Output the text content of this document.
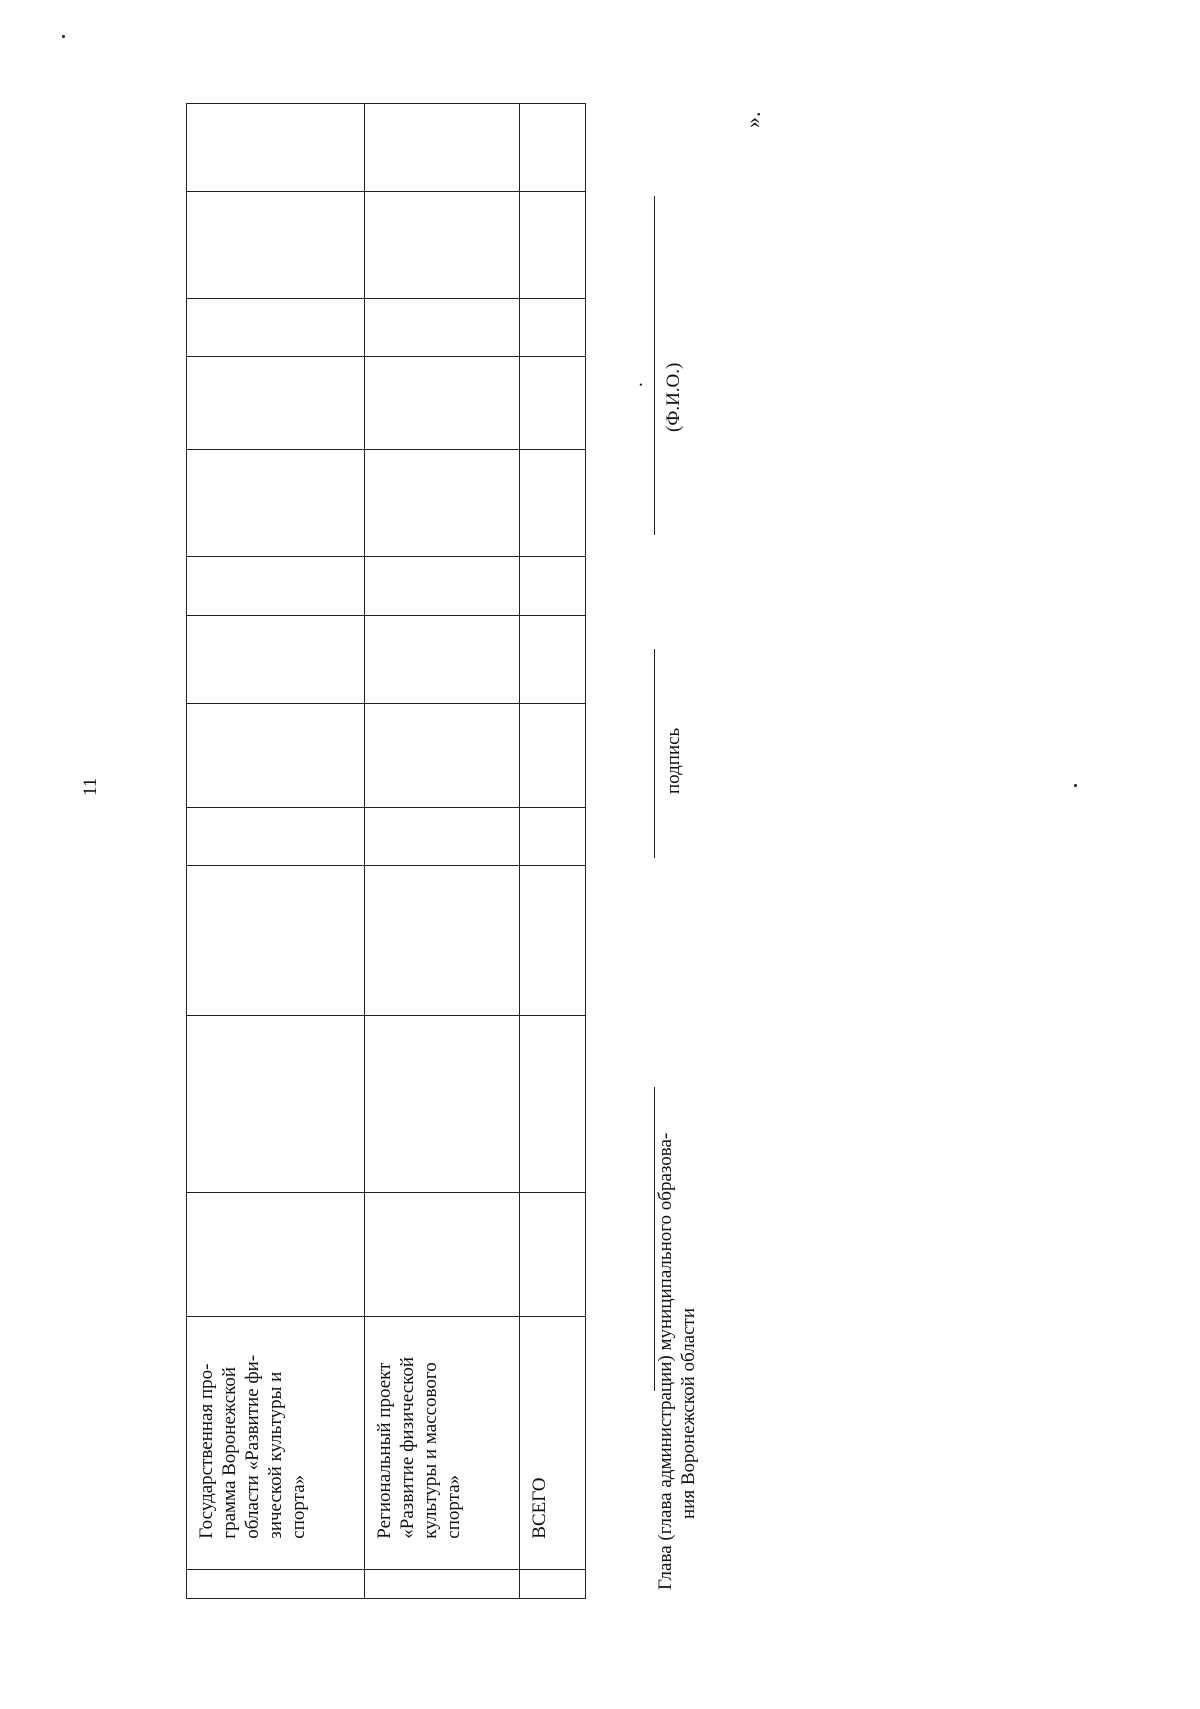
11
	Государственная про- грамма Воронежской области «Развитие фи- зической культуры и спорта»												
	Региональный проект «Развитие физической культуры и массового спорта»												
	ВСЕГО													Глава (глава администрации) муниципального образова- ния Воронежской области
подпись
(Ф.И.О.)
.
».
